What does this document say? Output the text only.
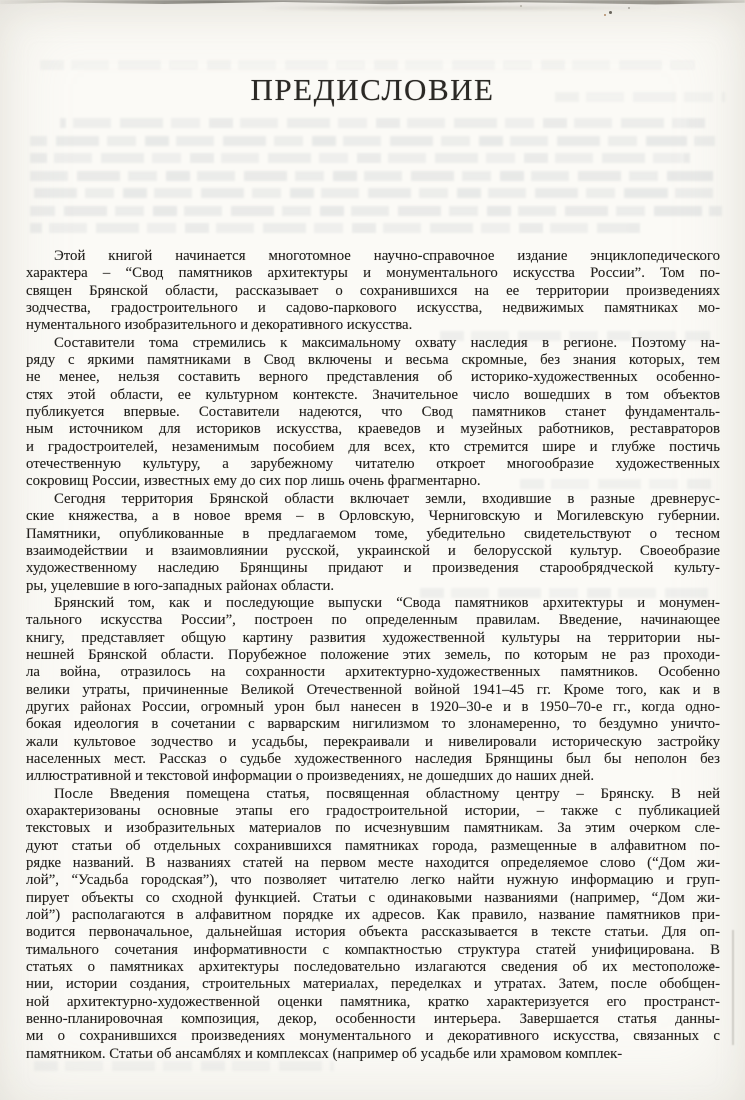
ПРЕДИСЛОВИЕ
Этой книгой начинается многотомное научно-справочное издание энциклопедического
характера – “Свод памятников архитектуры и монументального искусства России”. Том по-
священ Брянской области, рассказывает о сохранившихся на ее территории произведениях
зодчества, градостроительного и садово-паркового искусства, недвижимых памятниках мо-
нументального изобразительного и декоративного искусства.
Составители тома стремились к максимальному охвату наследия в регионе. Поэтому на-
ряду с яркими памятниками в Свод включены и весьма скромные, без знания которых, тем
не менее, нельзя составить верного представления об историко-художественных особенно-
стях этой области, ее культурном контексте. Значительное число вошедших в том объектов
публикуется впервые. Составители надеются, что Свод памятников станет фундаменталь-
ным источником для историков искусства, краеведов и музейных работников, реставраторов
и градостроителей, незаменимым пособием для всех, кто стремится шире и глубже постичь
отечественную культуру, а зарубежному читателю откроет многообразие художественных
сокровищ России, известных ему до сих пор лишь очень фрагментарно.
Сегодня территория Брянской области включает земли, входившие в разные древнерус-
ские княжества, а в новое время – в Орловскую, Черниговскую и Могилевскую губернии.
Памятники, опубликованные в предлагаемом томе, убедительно свидетельствуют о тесном
взаимодействии и взаимовлиянии русской, украинской и белорусской культур. Своеобразие
художественному наследию Брянщины придают и произведения старообрядческой культу-
ры, уцелевшие в юго-западных районах области.
Брянский том, как и последующие выпуски “Свода памятников архитектуры и монумен-
тального искусства России”, построен по определенным правилам. Введение, начинающее
книгу, представляет общую картину развития художественной культуры на территории ны-
нешней Брянской области. Порубежное положение этих земель, по которым не раз проходи-
ла война, отразилось на сохранности архитектурно-художественных памятников. Особенно
велики утраты, причиненные Великой Отечественной войной 1941–45 гг. Кроме того, как и в
других районах России, огромный урон был нанесен в 1920–30-е и в 1950–70-е гг., когда одно-
бокая идеология в сочетании с варварским нигилизмом то злонамеренно, то бездумно уничто-
жали культовое зодчество и усадьбы, перекраивали и нивелировали историческую застройку
населенных мест. Рассказ о судьбе художественного наследия Брянщины был бы неполон без
иллюстративной и текстовой информации о произведениях, не дошедших до наших дней.
После Введения помещена статья, посвященная областному центру – Брянску. В ней
охарактеризованы основные этапы его градостроительной истории, – также с публикацией
текстовых и изобразительных материалов по исчезнувшим памятникам. За этим очерком сле-
дуют статьи об отдельных сохранившихся памятниках города, размещенные в алфавитном по-
рядке названий. В названиях статей на первом месте находится определяемое слово (“Дом жи-
лой”, “Усадьба городская”), что позволяет читателю легко найти нужную информацию и груп-
пирует объекты со сходной функцией. Статьи с одинаковыми названиями (например, “Дом жи-
лой”) располагаются в алфавитном порядке их адресов. Как правило, название памятников при-
водится первоначальное, дальнейшая история объекта рассказывается в тексте статьи. Для оп-
тимального сочетания информативности с компактностью структура статей унифицирована. В
статьях о памятниках архитектуры последовательно излагаются сведения об их местоположе-
нии, истории создания, строительных материалах, переделках и утратах. Затем, после обобщен-
ной архитектурно-художественной оценки памятника, кратко характеризуется его пространст-
венно-планировочная композиция, декор, особенности интерьера. Завершается статья данны-
ми о сохранившихся произведениях монументального и декоративного искусства, связанных с
памятником. Статьи об ансамблях и комплексах (например об усадьбе или храмовом комплек-
